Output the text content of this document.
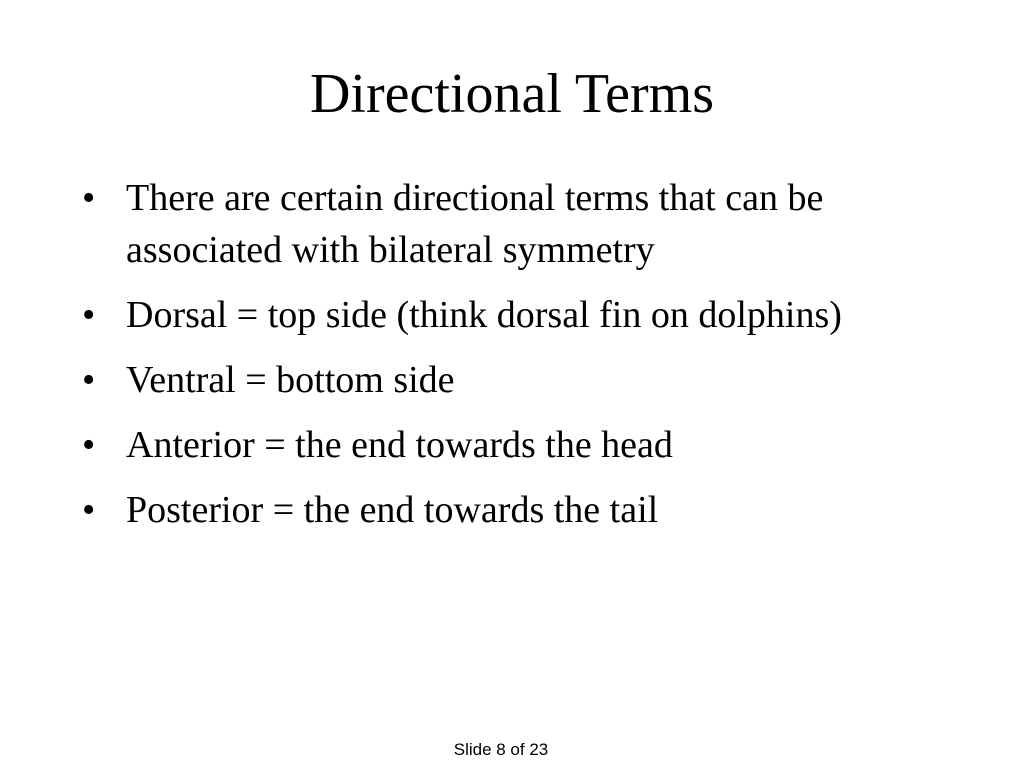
Directional Terms
• There are certain directional terms that can be associated with bilateral symmetry
• Dorsal = top side (think dorsal fin on dolphins)
• Ventral = bottom side
• Anterior = the end towards the head
• Posterior = the end towards the tail
Slide 8 of 23
